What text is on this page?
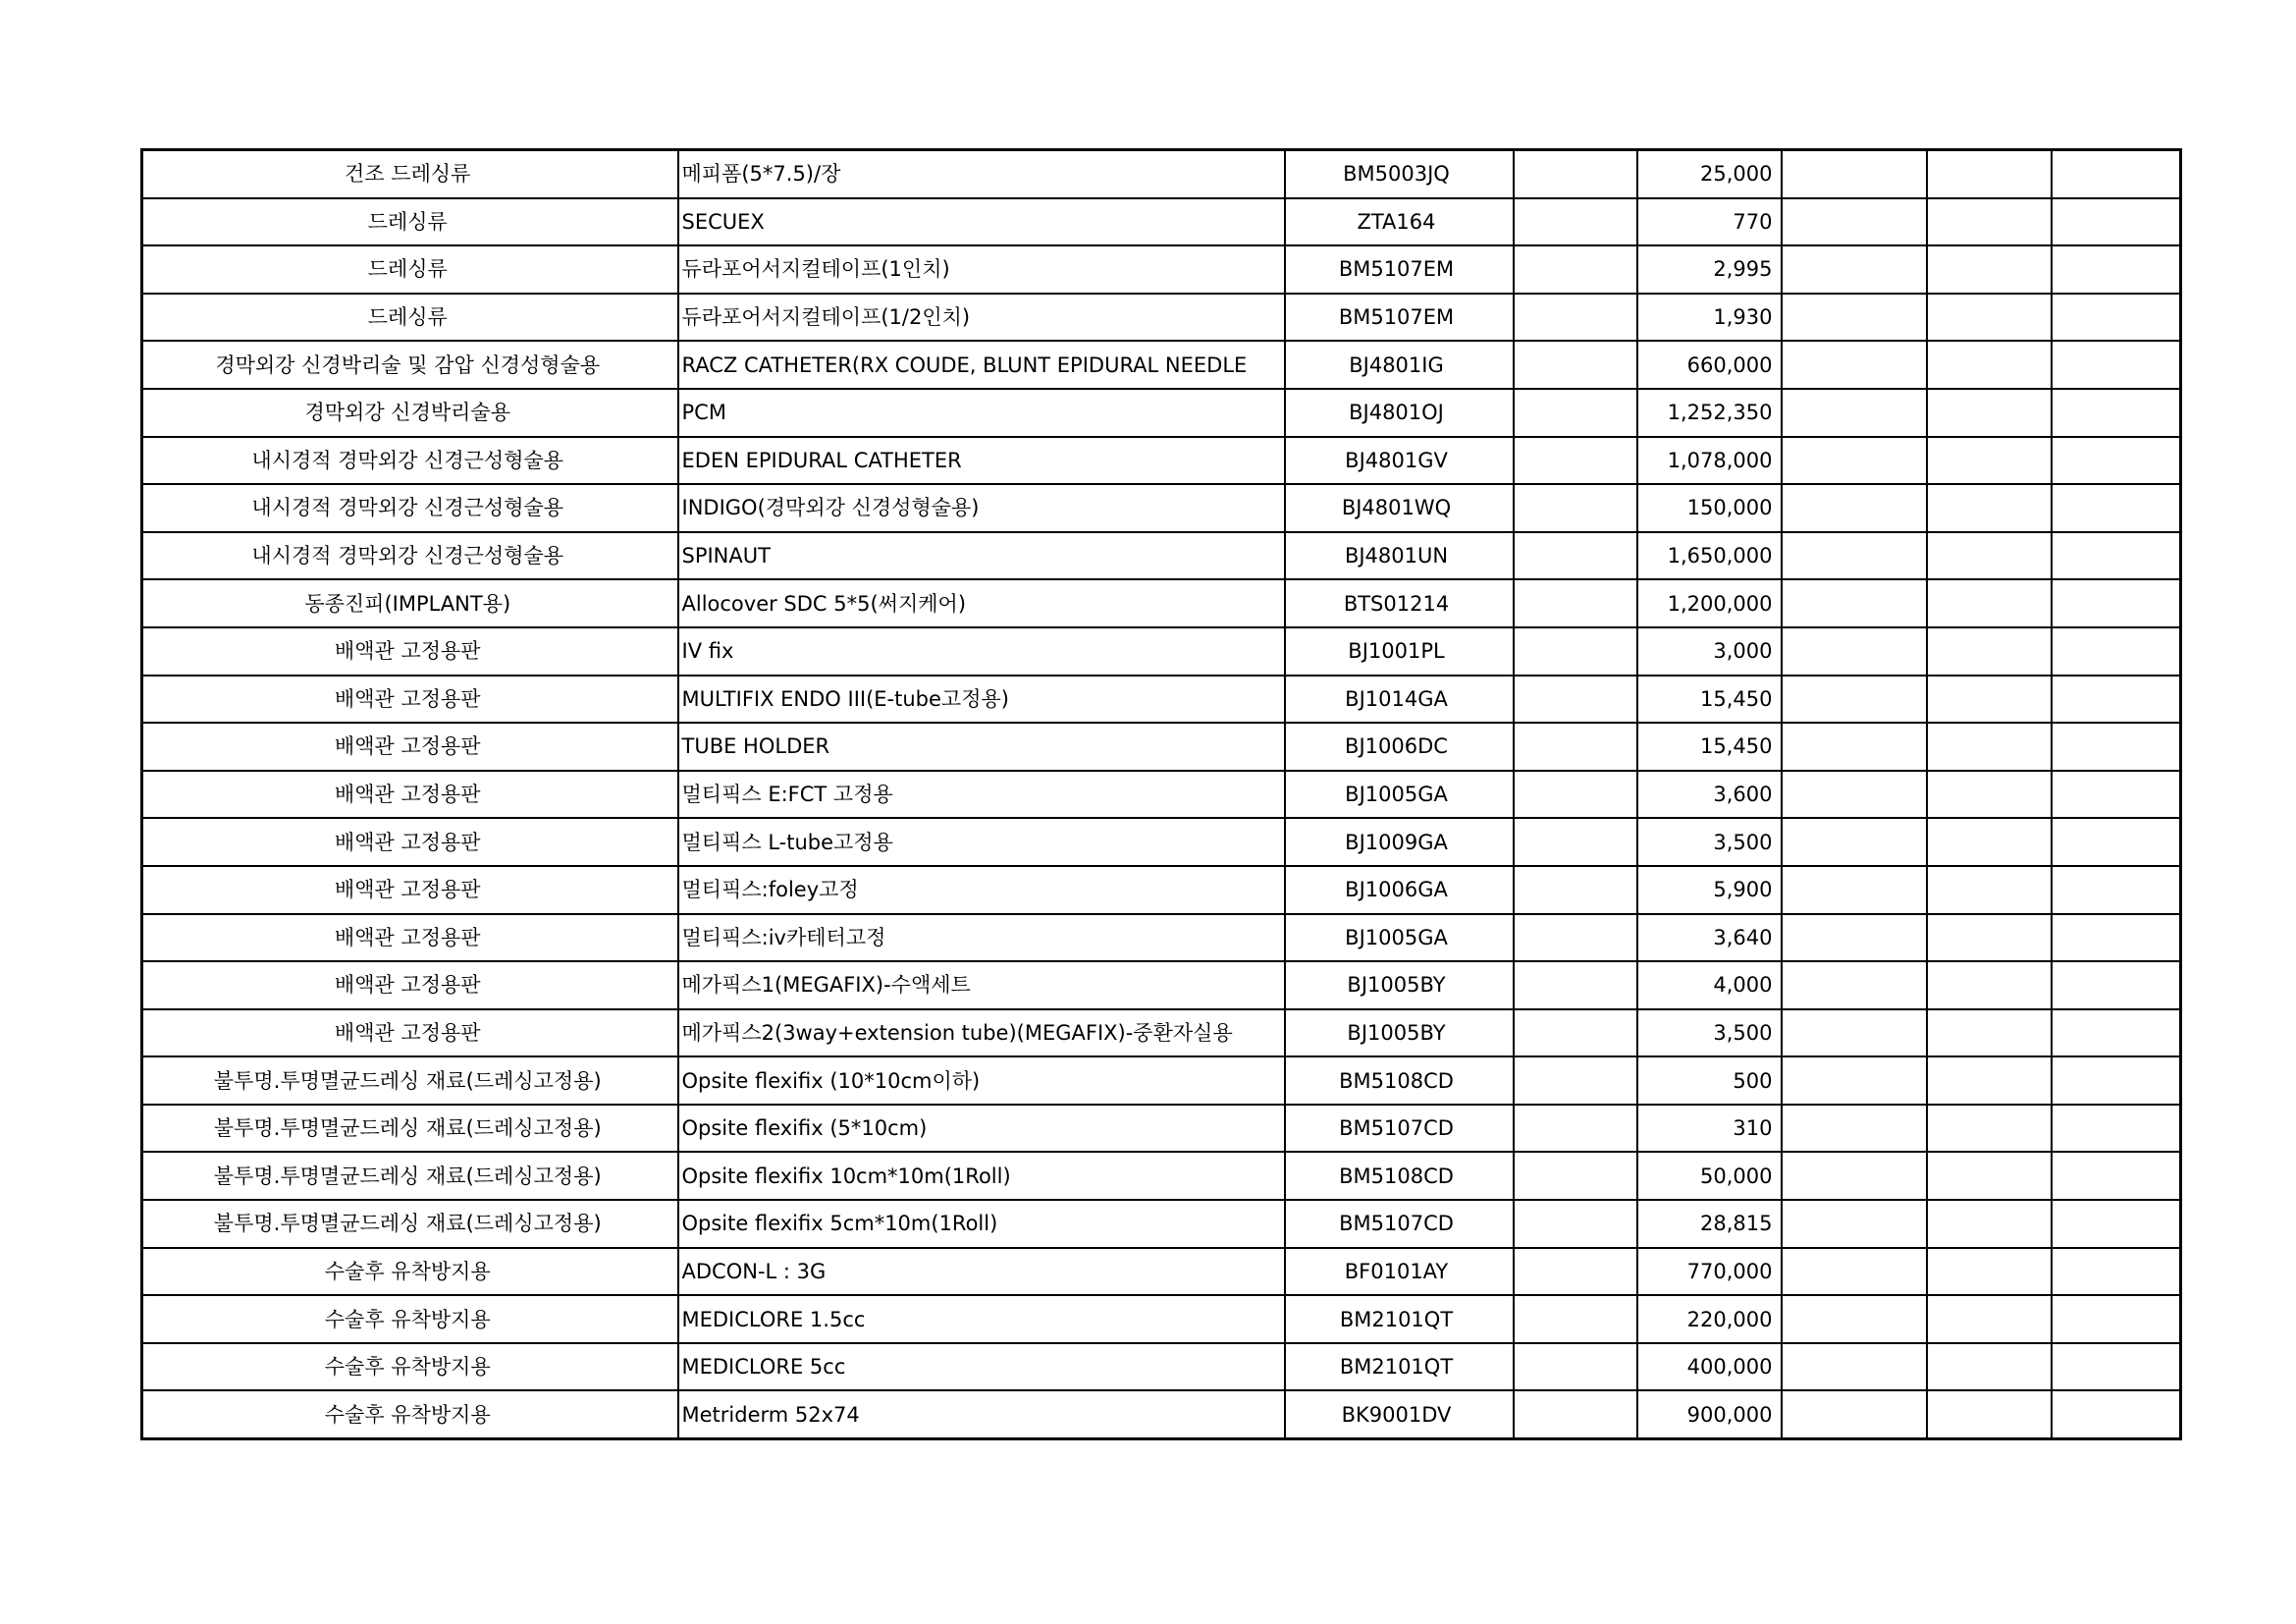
건조 드레싱류	메피폼(5*7.5)/장	BM5003JQ		25,000			
드레싱류	SECUEX	ZTA164		770			
드레싱류	듀라포어서지컬테이프(1인치)	BM5107EM		2,995			
드레싱류	듀라포어서지컬테이프(1/2인치)	BM5107EM		1,930			
경막외강 신경박리술 및 감압 신경성형술용	RACZ CATHETER(RX COUDE, BLUNT EPIDURAL NEEDLE	BJ4801IG		660,000			
경막외강 신경박리술용	PCM	BJ4801OJ		1,252,350			
내시경적 경막외강 신경근성형술용	EDEN EPIDURAL CATHETER	BJ4801GV		1,078,000			
내시경적 경막외강 신경근성형술용	INDIGO(경막외강 신경성형술용)	BJ4801WQ		150,000			
내시경적 경막외강 신경근성형술용	SPINAUT	BJ4801UN		1,650,000			
동종진피(IMPLANT용)	Allocover SDC 5*5(써지케어)	BTS01214		1,200,000			
배액관 고정용판	IV fix	BJ1001PL		3,000			
배액관 고정용판	MULTIFIX ENDO III(E-tube고정용)	BJ1014GA		15,450			
배액관 고정용판	TUBE HOLDER	BJ1006DC		15,450			
배액관 고정용판	멀티픽스 E:FCT 고정용	BJ1005GA		3,600			
배액관 고정용판	멀티픽스 L-tube고정용	BJ1009GA		3,500			
배액관 고정용판	멀티픽스:foley고정	BJ1006GA		5,900			
배액관 고정용판	멀티픽스:iv카테터고정	BJ1005GA		3,640			
배액관 고정용판	메가픽스1(MEGAFIX)-수액세트	BJ1005BY		4,000			
배액관 고정용판	메가픽스2(3way+extension tube)(MEGAFIX)-중환자실용	BJ1005BY		3,500			
불투명.투명멸균드레싱 재료(드레싱고정용)	Opsite flexifix (10*10cm이하)	BM5108CD		500			
불투명.투명멸균드레싱 재료(드레싱고정용)	Opsite flexifix (5*10cm)	BM5107CD		310			
불투명.투명멸균드레싱 재료(드레싱고정용)	Opsite flexifix 10cm*10m(1Roll)	BM5108CD		50,000			
불투명.투명멸균드레싱 재료(드레싱고정용)	Opsite flexifix 5cm*10m(1Roll)	BM5107CD		28,815			
수술후 유착방지용	ADCON-L : 3G	BF0101AY		770,000			
수술후 유착방지용	MEDICLORE 1.5cc	BM2101QT		220,000			
수술후 유착방지용	MEDICLORE 5cc	BM2101QT		400,000			
수술후 유착방지용	Metriderm 52x74	BK9001DV		900,000			
